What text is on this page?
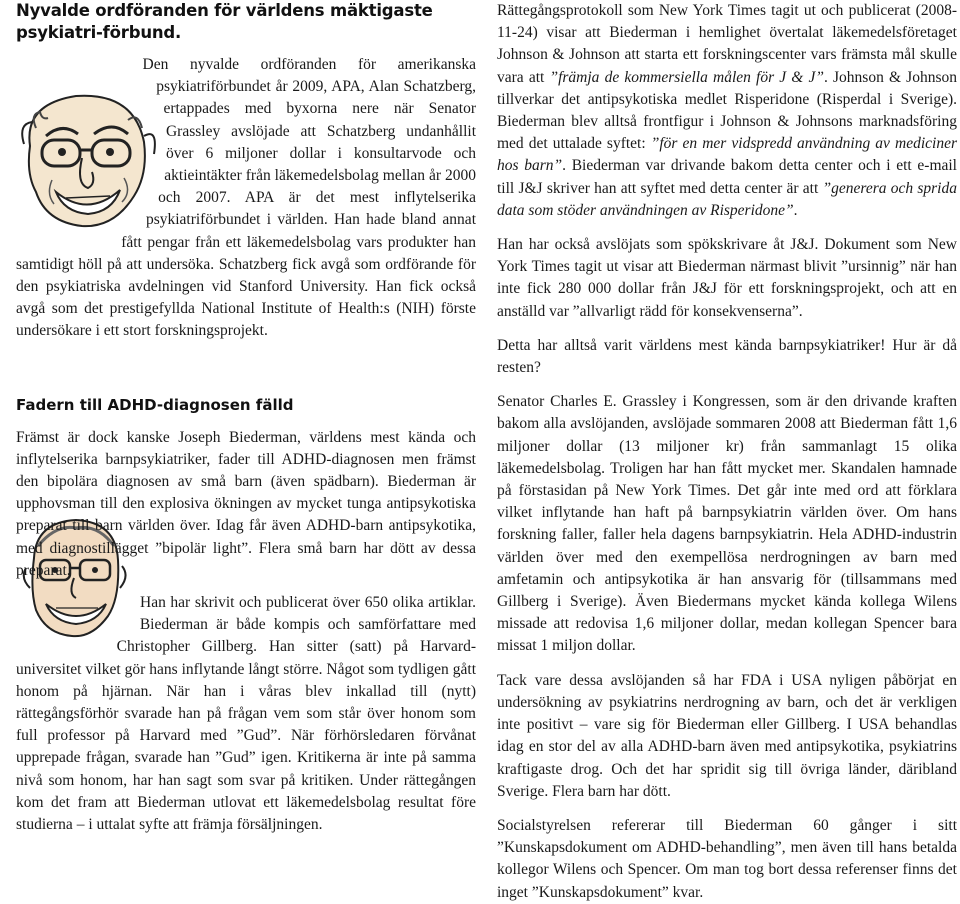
Nyvalde ordföranden för världens mäktigaste psykiatri-förbund.

Den nyvalde ordföranden för amerikanska psykiatriförbundet år 2009, APA, Alan Schatzberg, ertappades med byxorna nere när Senator Grassley avslöjade att Schatzberg undanhållit över 6 miljoner dollar i konsultarvode och aktieintäkter från läkemedelsbolag mellan år 2000 och 2007. APA är det mest inflytelserika psykiatriförbundet i världen. Han hade bland annat fått pengar från ett läkemedelsbolag vars produkter han samtidigt höll på att undersöka. Schatzberg fick avgå som ordförande för den psykiatriska avdelningen vid Stanford University. Han fick också avgå som det prestigefyllda National Institute of Health:s (NIH) förste undersökare i ett stort forskningsprojekt.

Fadern till ADHD-diagnosen fälld

Främst är dock kanske Joseph Biederman, världens mest kända och inflytelserika barnpsykiatriker, fader till ADHD-diagnosen men främst den bipolära diagnosen av små barn (även spädbarn). Biederman är upphovsman till den explosiva ökningen av mycket tunga antipsykotiska preparat till barn världen över. Idag får även ADHD-barn antipsykotika, med diagnostillägget ”bipolär light”. Flera små barn har dött av dessa preparat.

Han har skrivit och publicerat över 650 olika artiklar. Biederman är både kompis och samförfattare med Christopher Gillberg. Han sitter (satt) på Harvard-universitet vilket gör hans inflytande långt större. Något som tydligen gått honom på hjärnan. När han i våras blev inkallad till (nytt) rättegångsförhör svarade han på frågan vem som står över honom som full professor på Harvard med ”Gud”. När förhörsledaren förvånat upprepade frågan, svarade han ”Gud” igen. Kritikerna är inte på samma nivå som honom, har han sagt som svar på kritiken. Under rättegången kom det fram att Biederman utlovat ett läkemedelsbolag resultat före studierna – i uttalat syfte att främja försäljningen.

Rättegångsprotokoll som New York Times tagit ut och publicerat (2008-11-24) visar att Biederman i hemlighet övertalat läkemedelsföretaget Johnson & Johnson att starta ett forskningscenter vars främsta mål skulle vara att ”främja de kommersiella målen för J & J”. Johnson & Johnson tillverkar det antipsykotiska medlet Risperidone (Risperdal i Sverige). Biederman blev alltså frontfigur i Johnson & Johnsons marknadsföring med det uttalade syftet: ”för en mer vidspredd användning av mediciner hos barn”. Biederman var drivande bakom detta center och i ett e-mail till J&J skriver han att syftet med detta center är att ”generera och sprida data som stöder användningen av Risperidone”.

Han har också avslöjats som spökskrivare åt J&J. Dokument som New York Times tagit ut visar att Biederman närmast blivit ”ursinnig” när han inte fick 280 000 dollar från J&J för ett forskningsprojekt, och att en anställd var ”allvarligt rädd för konsekvenserna”.

Detta har alltså varit världens mest kända barnpsykiatriker! Hur är då resten?

Senator Charles E. Grassley i Kongressen, som är den drivande kraften bakom alla avslöjanden, avslöjade sommaren 2008 att Biederman fått 1,6 miljoner dollar (13 miljoner kr) från sammanlagt 15 olika läkemedelsbolag. Troligen har han fått mycket mer. Skandalen hamnade på förstasidan på New York Times. Det går inte med ord att förklara vilket inflytande han haft på barnpsykiatrin världen över. Om hans forskning faller, faller hela dagens barnpsykiatrin. Hela ADHD-industrin världen över med den exempellösa nerdrogningen av barn med amfetamin och antipsykotika är han ansvarig för (tillsammans med Gillberg i Sverige). Även Biedermans mycket kända kollega Wilens missade att redovisa 1,6 miljoner dollar, medan kollegan Spencer bara missat 1 miljon dollar.

Tack vare dessa avslöjanden så har FDA i USA nyligen påbörjat en undersökning av psykiatrins nerdrogning av barn, och det är verkligen inte positivt – vare sig för Biederman eller Gillberg. I USA behandlas idag en stor del av alla ADHD-barn även med antipsykotika, psykiatrins kraftigaste drog. Och det har spridit sig till övriga länder, däribland Sverige. Flera barn har dött.

Socialstyrelsen refererar till Biederman 60 gånger i sitt ”Kunskapsdokument om ADHD-behandling”, men även till hans betalda kollegor Wilens och Spencer. Om man tog bort dessa referenser finns det inget ”Kunskapsdokument” kvar.
